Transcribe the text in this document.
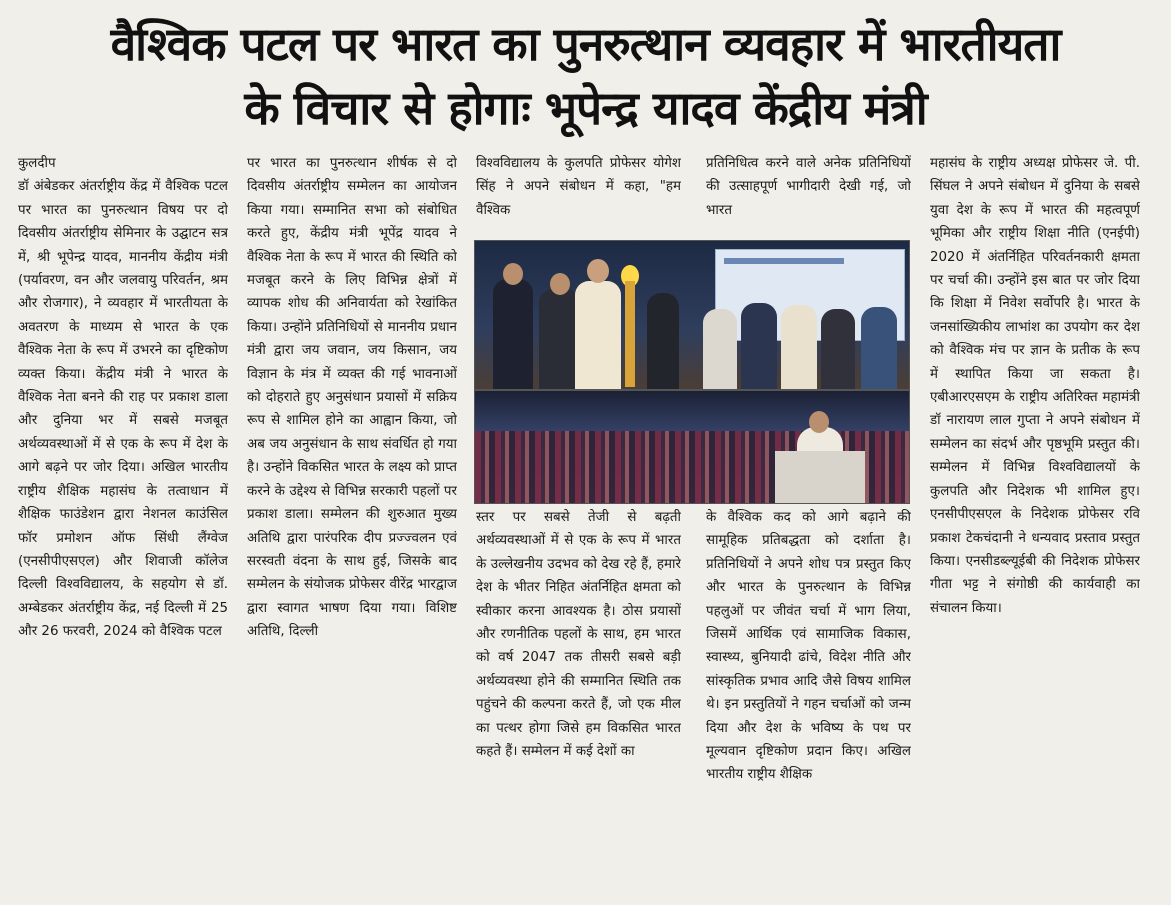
वैश्विक पटल पर भारत का पुनरुत्थान व्यवहार में भारतीयता
के विचार से होगाः भूपेन्द्र यादव केंद्रीय मंत्री

कुलदीप

डॉ अंबेडकर अंतर्राष्ट्रीय केंद्र में वैश्विक पटल पर भारत का पुनरुत्थान विषय पर दो दिवसीय अंतर्राष्ट्रीय सेमिनार के उद्घाटन सत्र में, श्री भूपेन्द्र यादव, माननीय केंद्रीय मंत्री (पर्यावरण, वन और जलवायु परिवर्तन, श्रम और रोजगार), ने व्यवहार में भारतीयता के अवतरण के माध्यम से भारत के एक वैश्विक नेता के रूप में उभरने का दृष्टिकोण व्यक्त किया। केंद्रीय मंत्री ने भारत के वैश्विक नेता बनने की राह पर प्रकाश डाला और दुनिया भर में सबसे मजबूत अर्थव्यवस्थाओं में से एक के रूप में देश के आगे बढ़ने पर जोर दिया। अखिल भारतीय राष्ट्रीय शैक्षिक महासंघ के तत्वाधान में शैक्षिक फाउंडेशन द्वारा नेशनल काउंसिल फॉर प्रमोशन ऑफ सिंधी लैंग्वेज (एनसीपीएसएल) और शिवाजी कॉलेज दिल्ली विश्वविद्यालय, के सहयोग से डॉ. अम्बेडकर अंतर्राष्ट्रीय केंद्र, नई दिल्ली में 25 और 26 फरवरी, 2024 को वैश्विक पटल

पर भारत का पुनरुत्थान शीर्षक से दो दिवसीय अंतर्राष्ट्रीय सम्मेलन का आयोजन किया गया। सम्मानित सभा को संबोधित करते हुए, केंद्रीय मंत्री भूपेंद्र यादव ने वैश्विक नेता के रूप में भारत की स्थिति को मजबूत करने के लिए विभिन्न क्षेत्रों में व्यापक शोध की अनिवार्यता को रेखांकित किया। उन्होंने प्रतिनिधियों से माननीय प्रधान मंत्री द्वारा जय जवान, जय किसान, जय विज्ञान के मंत्र में व्यक्त की गई भावनाओं को दोहराते हुए अनुसंधान प्रयासों में सक्रिय रूप से शामिल होने का आह्वान किया, जो अब जय अनुसंधान के साथ संवर्धित हो गया है। उन्होंने विकसित भारत के लक्ष्य को प्राप्त करने के उद्देश्य से विभिन्न सरकारी पहलों पर प्रकाश डाला। सम्मेलन की शुरुआत मुख्य अतिथि द्वारा पारंपरिक दीप प्रज्ज्वलन एवं सरस्वती वंदना के साथ हुई, जिसके बाद सम्मेलन के संयोजक प्रोफेसर वीरेंद्र भारद्वाज द्वारा स्वागत भाषण दिया गया। विशिष्ट अतिथि, दिल्ली

विश्वविद्यालय के कुलपति प्रोफेसर योगेश सिंह ने अपने संबोधन में कहा, "हम वैश्विक

प्रतिनिधित्व करने वाले अनेक प्रतिनिधियों की उत्साहपूर्ण भागीदारी देखी गई, जो भारत

स्तर पर सबसे तेजी से बढ़ती अर्थव्यवस्थाओं में से एक के रूप में भारत के उल्लेखनीय उदभव को देख रहे हैं, हमारे देश के भीतर निहित अंतर्निहित क्षमता को स्वीकार करना आवश्यक है। ठोस प्रयासों और रणनीतिक पहलों के साथ, हम भारत को वर्ष 2047 तक तीसरी सबसे बड़ी अर्थव्यवस्था होने की सम्मानित स्थिति तक पहुंचने की कल्पना करते हैं, जो एक मील का पत्थर होगा जिसे हम विकसित भारत कहते हैं। सम्मेलन में कई देशों का

के वैश्विक कद को आगे बढ़ाने की सामूहिक प्रतिबद्धता को दर्शाता है। प्रतिनिधियों ने अपने शोध पत्र प्रस्तुत किए और भारत के पुनरुत्थान के विभिन्न पहलुओं पर जीवंत चर्चा में भाग लिया, जिसमें आर्थिक एवं सामाजिक विकास, स्वास्थ्य, बुनियादी ढांचे, विदेश नीति और सांस्कृतिक प्रभाव आदि जैसे विषय शामिल थे। इन प्रस्तुतियों ने गहन चर्चाओं को जन्म दिया और देश के भविष्य के पथ पर मूल्यवान दृष्टिकोण प्रदान किए। अखिल भारतीय राष्ट्रीय शैक्षिक

महासंघ के राष्ट्रीय अध्यक्ष प्रोफेसर जे. पी. सिंघल ने अपने संबोधन में दुनिया के सबसे युवा देश के रूप में भारत की महत्वपूर्ण भूमिका और राष्ट्रीय शिक्षा नीति (एनईपी) 2020 में अंतर्निहित परिवर्तनकारी क्षमता पर चर्चा की। उन्होंने इस बात पर जोर दिया कि शिक्षा में निवेश सर्वोपरि है। भारत के जनसांख्यिकीय लाभांश का उपयोग कर देश को वैश्विक मंच पर ज्ञान के प्रतीक के रूप में स्थापित किया जा सकता है। एबीआरएसएम के राष्ट्रीय अतिरिक्त महामंत्री डॉ नारायण लाल गुप्ता ने अपने संबोधन में सम्मेलन का संदर्भ और पृष्ठभूमि प्रस्तुत की। सम्मेलन में विभिन्न विश्वविद्यालयों के कुलपति और निदेशक भी शामिल हुए। एनसीपीएसएल के निदेशक प्रोफेसर रवि प्रकाश टेकचंदानी ने धन्यवाद प्रस्ताव प्रस्तुत किया। एनसीडब्ल्यूईबी की निदेशक प्रोफेसर गीता भट्ट ने संगोष्ठी की कार्यवाही का संचालन किया।
